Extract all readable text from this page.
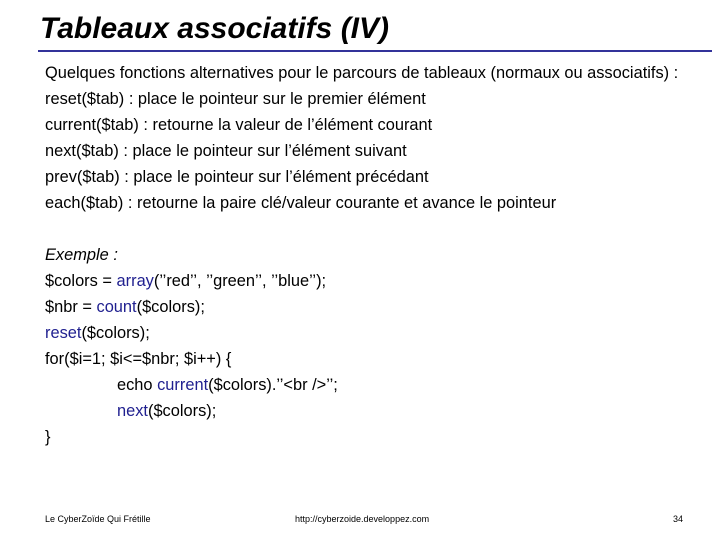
Tableaux associatifs (IV)
Quelques fonctions alternatives pour le parcours de tableaux (normaux ou associatifs) :
reset($tab) : place le pointeur sur le premier élément
current($tab) : retourne la valeur de l’élément courant
next($tab) : place le pointeur sur l’élément suivant
prev($tab) : place le pointeur sur l’élément précédant
each($tab) : retourne la paire clé/valeur courante et avance le pointeur
Exemple :
$colors = array(’’red’’, ’’green’’, ’’blue’’);
$nbr = count($colors);
reset($colors);
for($i=1; $i<=$nbr; $i++) {
echo current($colors).’’<br />’’;
next($colors);
}
Le CyberZoïde Qui Frétille	http://cyberzoide.developpez.com	34
